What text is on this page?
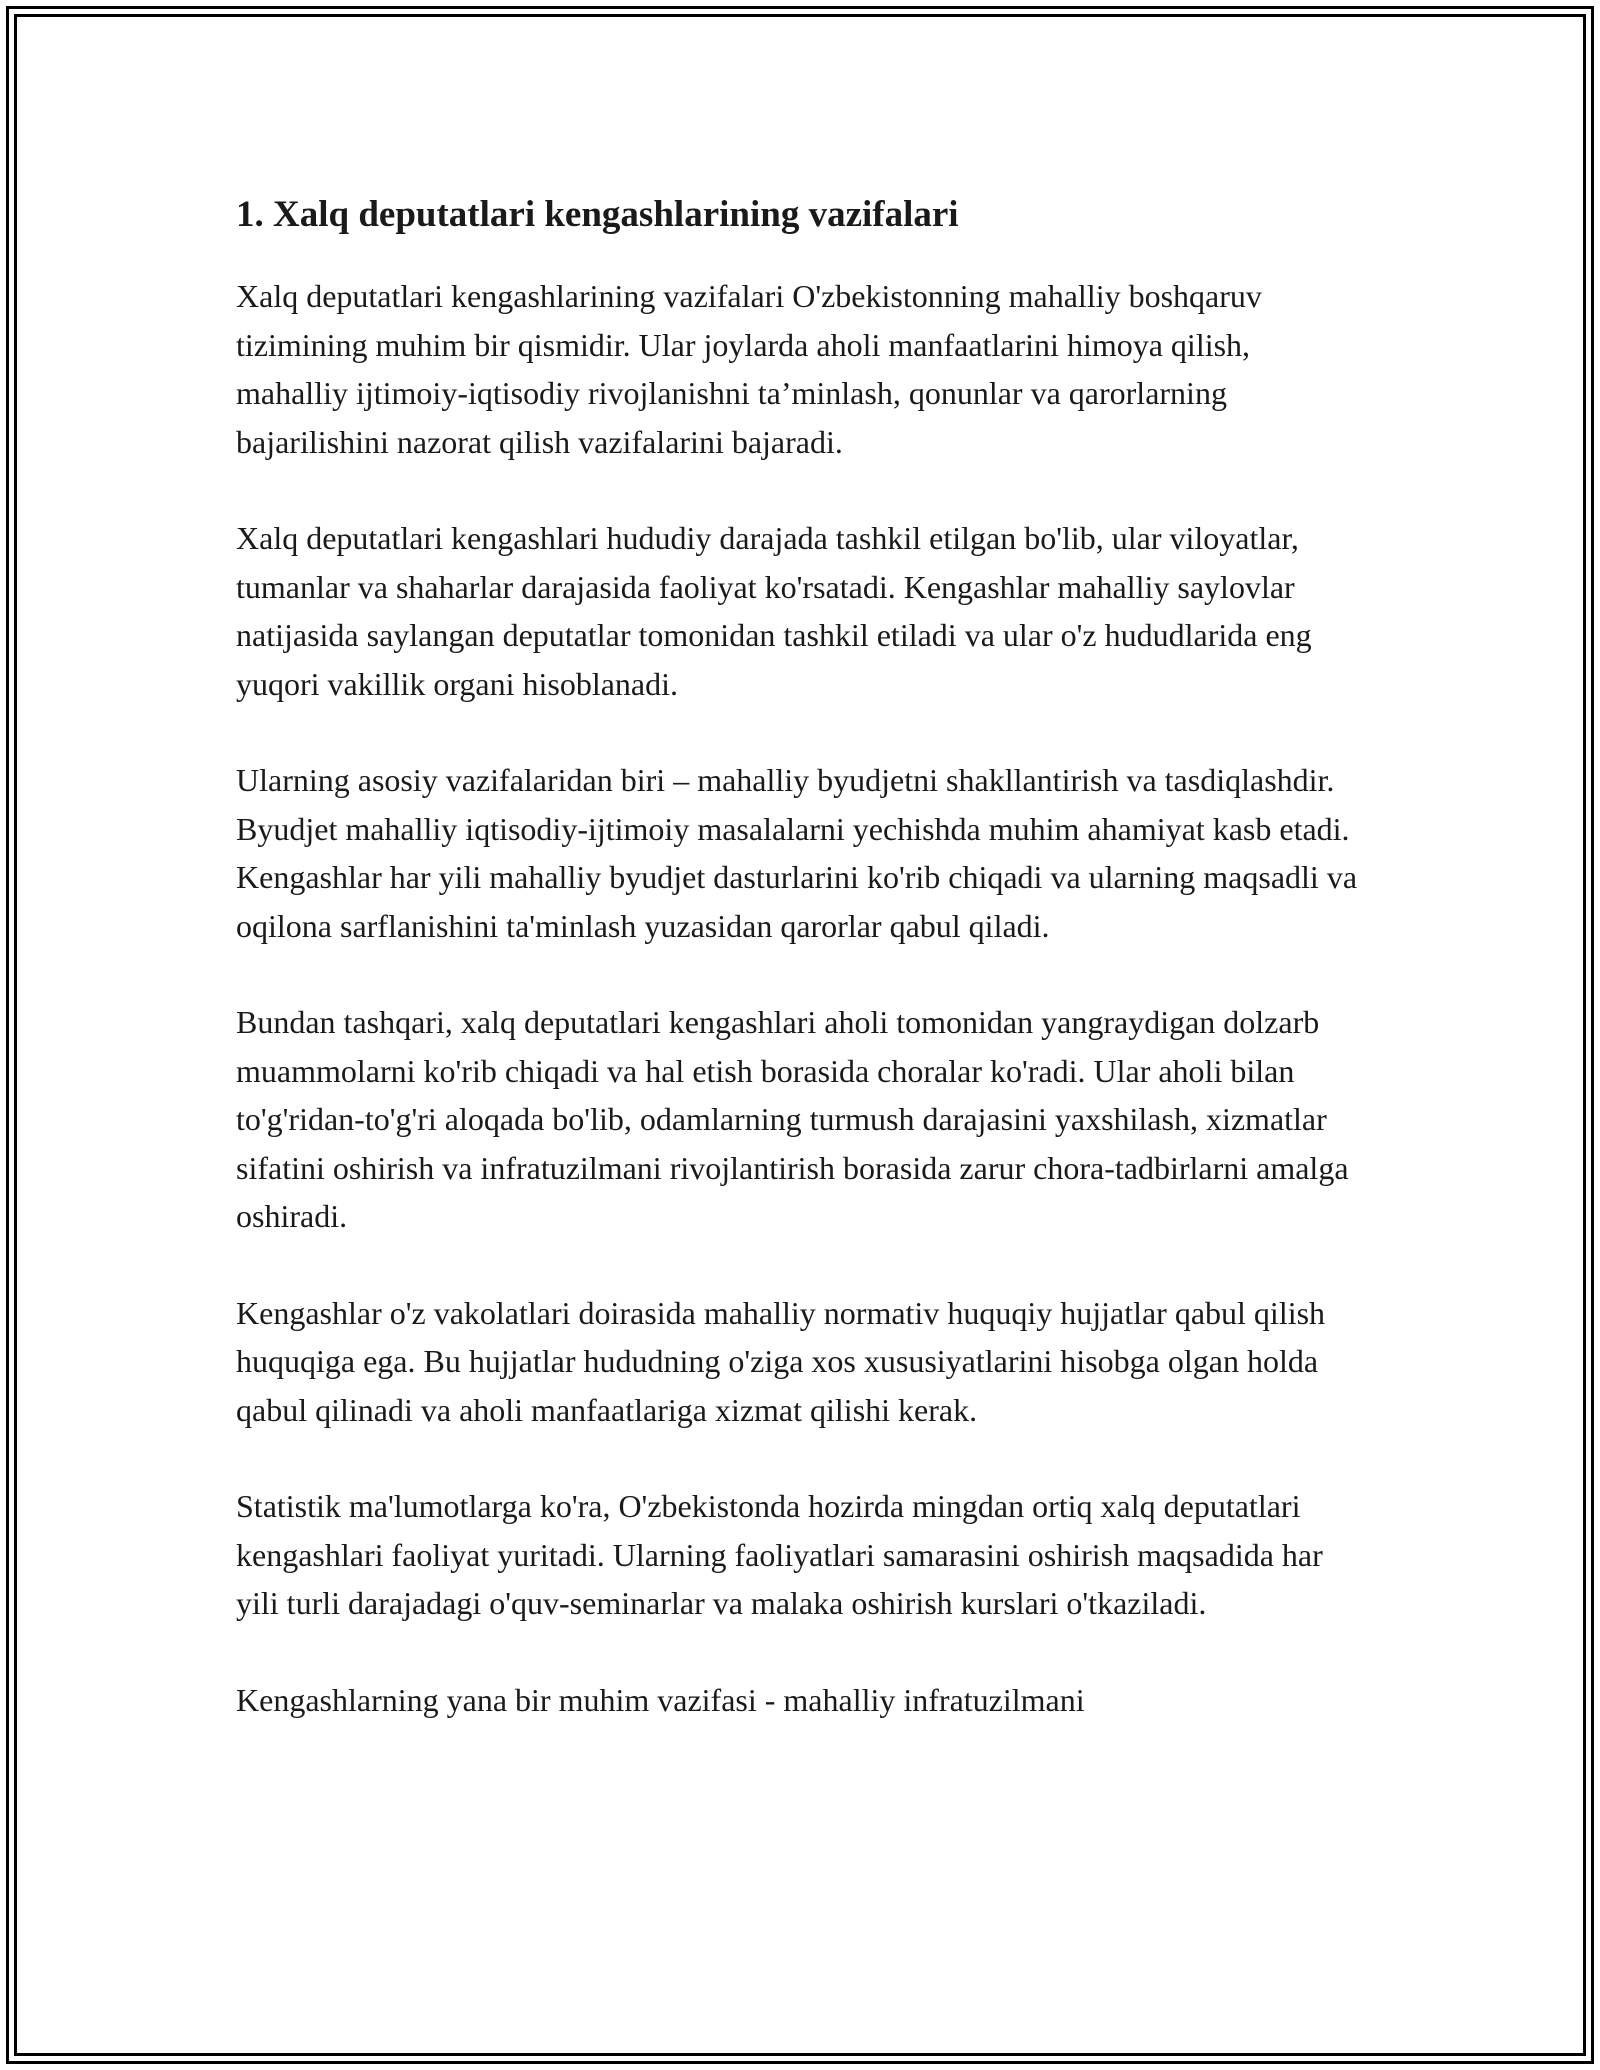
1. Xalq deputatlari kengashlarining vazifalari

Xalq deputatlari kengashlarining vazifalari O'zbekistonning mahalliy boshqaruv tizimining muhim bir qismidir. Ular joylarda aholi manfaatlarini himoya qilish, mahalliy ijtimoiy-iqtisodiy rivojlanishni ta’minlash, qonunlar va qarorlarning bajarilishini nazorat qilish vazifalarini bajaradi.

Xalq deputatlari kengashlari hududiy darajada tashkil etilgan bo'lib, ular viloyatlar, tumanlar va shaharlar darajasida faoliyat ko'rsatadi. Kengashlar mahalliy saylovlar natijasida saylangan deputatlar tomonidan tashkil etiladi va ular o'z hududlarida eng yuqori vakillik organi hisoblanadi.

Ularning asosiy vazifalaridan biri – mahalliy byudjetni shakllantirish va tasdiqlashdir. Byudjet mahalliy iqtisodiy-ijtimoiy masalalarni yechishda muhim ahamiyat kasb etadi. Kengashlar har yili mahalliy byudjet dasturlarini ko'rib chiqadi va ularning maqsadli va oqilona sarflanishini ta'minlash yuzasidan qarorlar qabul qiladi.

Bundan tashqari, xalq deputatlari kengashlari aholi tomonidan yangraydigan dolzarb muammolarni ko'rib chiqadi va hal etish borasida choralar ko'radi. Ular aholi bilan to'g'ridan-to'g'ri aloqada bo'lib, odamlarning turmush darajasini yaxshilash, xizmatlar sifatini oshirish va infratuzilmani rivojlantirish borasida zarur chora-tadbirlarni amalga oshiradi.

Kengashlar o'z vakolatlari doirasida mahalliy normativ huquqiy hujjatlar qabul qilish huquqiga ega. Bu hujjatlar hududning o'ziga xos xususiyatlarini hisobga olgan holda qabul qilinadi va aholi manfaatlariga xizmat qilishi kerak.

Statistik ma'lumotlarga ko'ra, O'zbekistonda hozirda mingdan ortiq xalq deputatlari kengashlari faoliyat yuritadi. Ularning faoliyatlari samarasini oshirish maqsadida har yili turli darajadagi o'quv-seminarlar va malaka oshirish kurslari o'tkaziladi.

Kengashlarning yana bir muhim vazifasi - mahalliy infratuzilmani
